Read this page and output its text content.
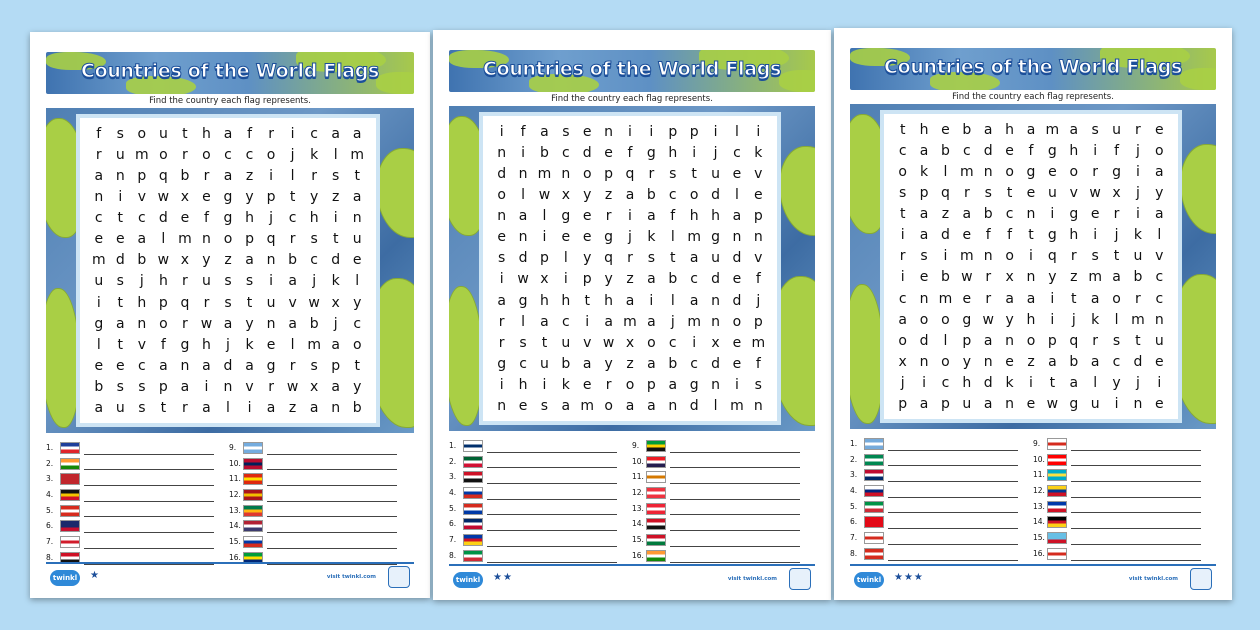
Countries of the World Flags
Find the country each flag represents.
f	s o u	t	h a	f	r	i	c a a
r	u m o	r	o c c o	j	k	l m
a n p q b	r	a z	i	l	r	s	t
n	i	v w x e g y p	t	y z a
c	t	c d e	f	g h	j	c h	i	n
e e a	l m n o p q	r	s	t	u
m d b w x y z a n b c d e
u s	j	h	r	u s	s	i	a	j	k	l
i	t	h p q	r	s	t	u v w x y
g a n o	r w a y n a b	j	c
l	t	v	f	g h	j	k e	l m a o
e e c a n a d a g	r	s p	t
b s	s p a	i	n v	r w x a y
a u s	t	r	a	l	i	a z a n b
1.
2.
3.
4.
5.
6.
7.
8.
9.
10.
11.
12.
13.
14.
15.
16.
twinkl ★	visit twinkl.com
Countries of the World Flags
Find the country each flag represents.
i	f	a s e n	i	i	p p	i	l	i
n	i	b c d e	f	g h	i	j	c k
d n m n o p q	r	s	t	u e v
o	l w x y z a b c o d	l	e
n a	l	g e	r	i	a	f	h h a p
e n	i	e e g	j	k	l m g n n
s d p	l	y q	r	s	t	a u d v
i w x	i	p y z a b c d e	f
a g h h	t	h a	i	l	a n d	j
r	l	a c	i	a m a	j m n o p
r	s	t	u v w x o c	i	x e m
g c u b a y z a b c d e	f
i	h	i	k e	r	o p a g n	i	s
n e s a m o a a n d	l m n
1.
2.
3.
4.
5.
6.
7.
8.
9.
10.
11.
12.
13.
14.
15.
16.
twinkl ★★	visit twinkl.com
Countries of the World Flags
Find the country each flag represents.
t	h e b a h a m a s u	r	e
c a b c d e	f	g h	i	f	j	o
o k	l m n o g e o	r	g	i	a
s p q	r	s	t	e u v w x	j	y
t	a z a b c n	i	g e	r	i	a
i	a d e	f	f	t	g h	i	j	k	l
r	s	i m n o	i	q	r	s	t	u v
i	e b w r	x n y z m a b c
c n m e	r	a a	i	t	a o	r	c
a o o g w y h	i	j	k	l m n
o d	l	p a n o p q	r	s	t	u
x n o y n e z a b a c d e
j	i	c h d k	i	t	a	l	y	j	i
p a p u a n e w g u	i	n e
1.
2.
3.
4.
5.
6.
7.
8.
9.
10.
11.
12.
13.
14.
15.
16.
twinkl ★★★	visit twinkl.com
